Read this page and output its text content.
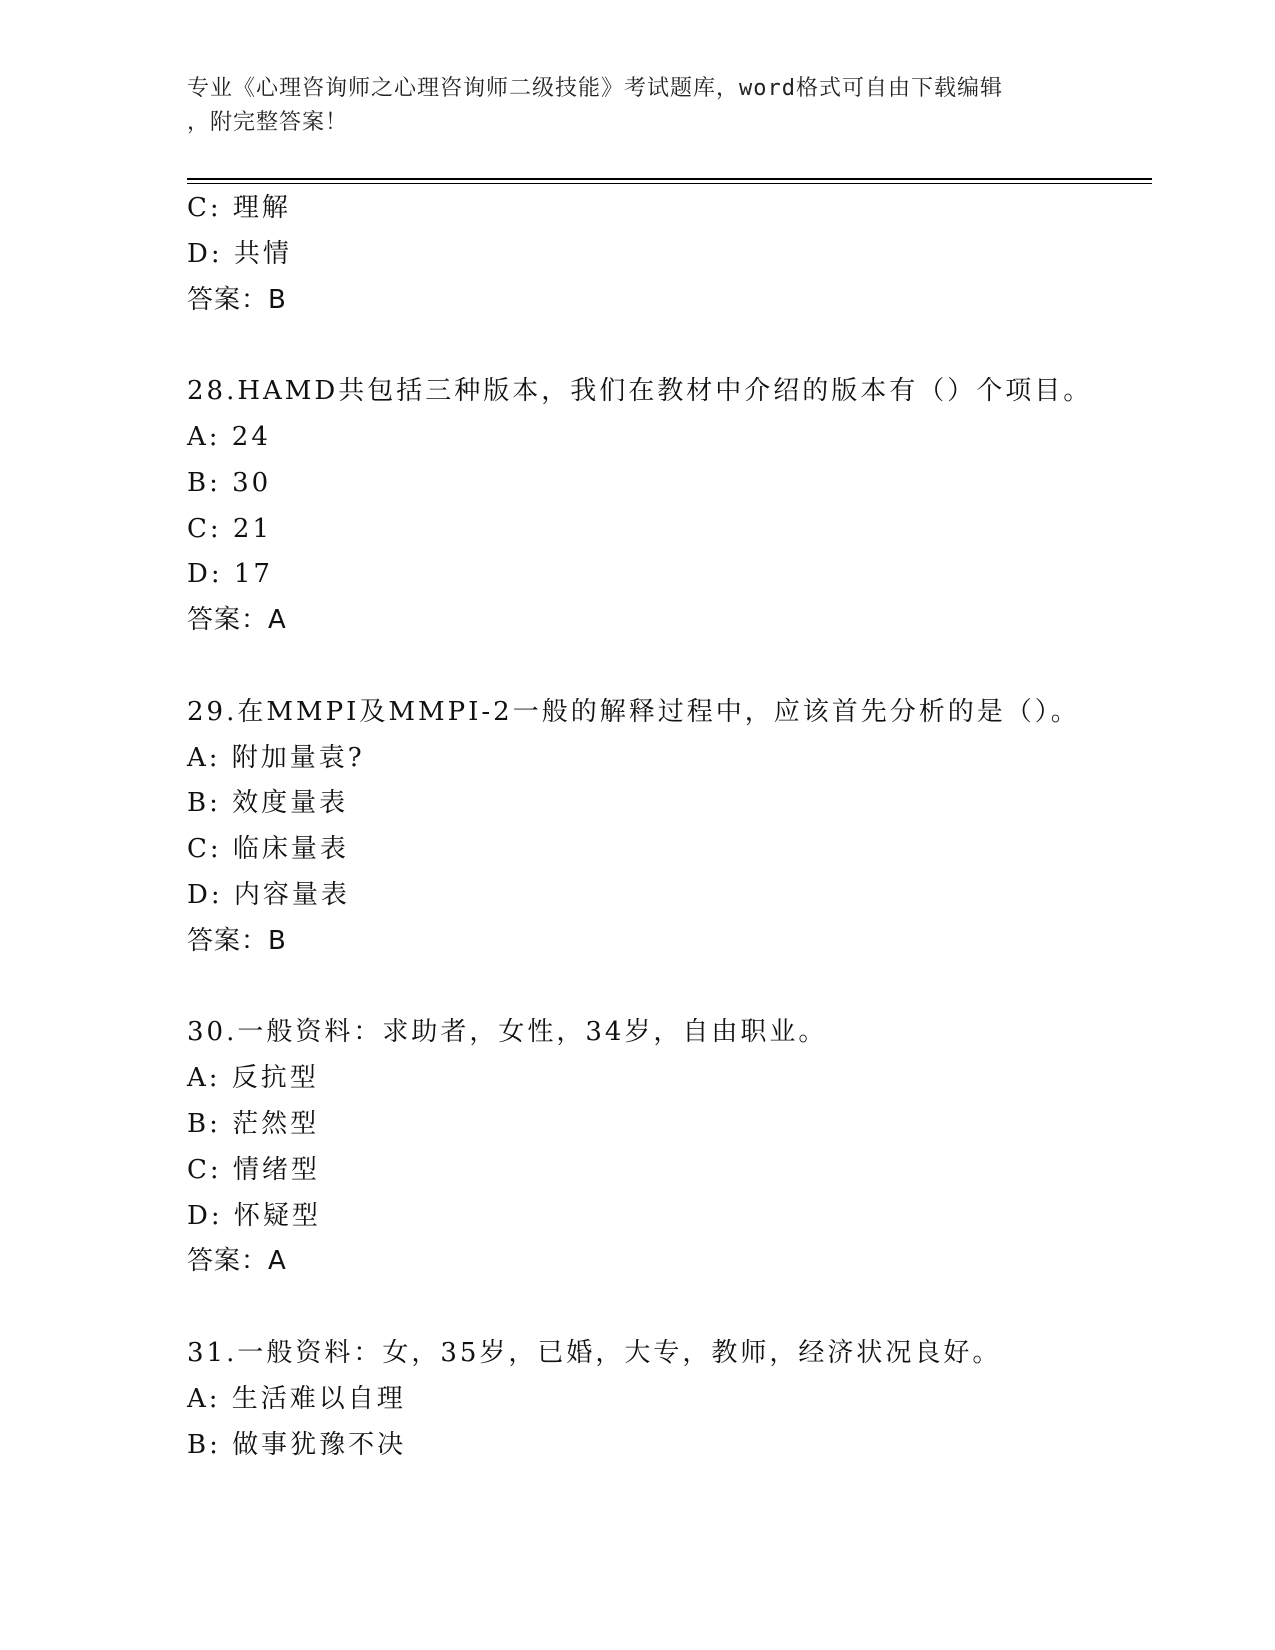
专业《心理咨询师之心理咨询师二级技能》考试题库，word格式可自由下载编辑
，附完整答案！
C: 理解
D: 共情
答案：B
28.HAMD共包括三种版本，我们在教材中介绍的版本有（）个项目。
A: 24
B: 30
C: 21
D: 17
答案：A
29.在MMPI及MMPI-2一般的解释过程中，应该首先分析的是（）。
A: 附加量袁?
B: 效度量表
C: 临床量表
D: 内容量表
答案：B
30.一般资料：求助者，女性，34岁，自由职业。
A: 反抗型
B: 茫然型
C: 情绪型
D: 怀疑型
答案：A
31.一般资料：女，35岁，已婚，大专，教师，经济状况良好。
A: 生活难以自理
B: 做事犹豫不决
